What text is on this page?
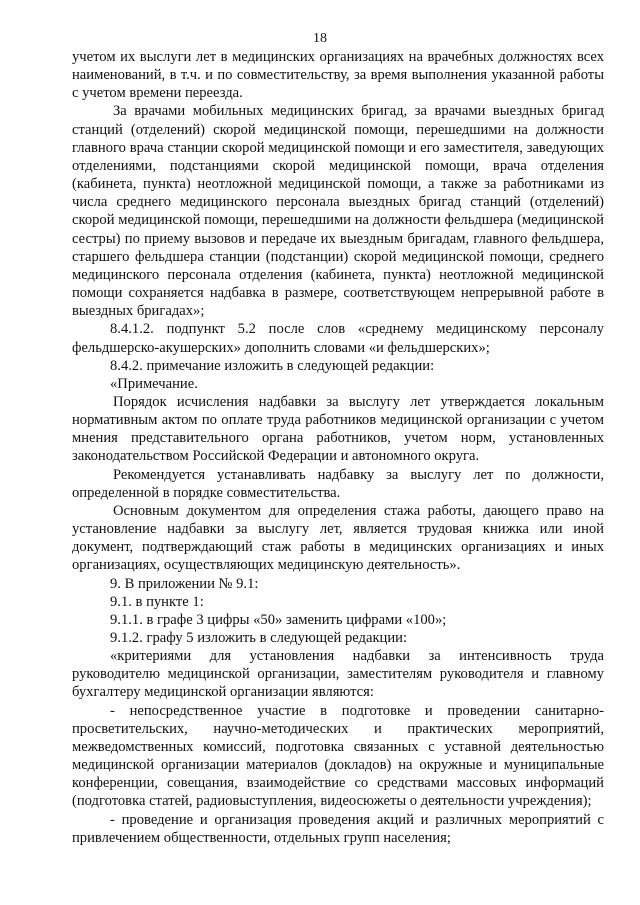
18

учетом их выслуги лет в медицинских организациях на врачебных должностях всех наименований, в т.ч. и по совместительству, за время выполнения указанной работы с учетом времени переезда.

За врачами мобильных медицинских бригад, за врачами выездных бригад станций (отделений) скорой медицинской помощи, перешедшими на должности главного врача станции скорой медицинской помощи и его заместителя, заведующих отделениями, подстанциями скорой медицинской помощи, врача отделения (кабинета, пункта) неотложной медицинской помощи, а также за работниками из числа среднего медицинского персонала выездных бригад станций (отделений) скорой медицинской помощи, перешедшими на должности фельдшера (медицинской сестры) по приему вызовов и передаче их выездным бригадам, главного фельдшера, старшего фельдшера станции (подстанции) скорой медицинской помощи, среднего медицинского персонала отделения (кабинета, пункта) неотложной медицинской помощи сохраняется надбавка в размере, соответствующем непрерывной работе в выездных бригадах»;

8.4.1.2. подпункт 5.2 после слов «среднему медицинскому персоналу фельдшерско-акушерских» дополнить словами «и фельдшерских»;

8.4.2. примечание изложить в следующей редакции:

«Примечание.

Порядок исчисления надбавки за выслугу лет утверждается локальным нормативным актом по оплате труда работников медицинской организации с учетом мнения представительного органа работников, учетом норм, установленных законодательством Российской Федерации и автономного округа.

Рекомендуется устанавливать надбавку за выслугу лет по должности, определенной в порядке совместительства.

Основным документом для определения стажа работы, дающего право на установление надбавки за выслугу лет, является трудовая книжка или иной документ, подтверждающий стаж работы в медицинских организациях и иных организациях, осуществляющих медицинскую деятельность».

9. В приложении № 9.1:

9.1. в пункте 1:

9.1.1. в графе 3 цифры «50» заменить цифрами «100»;

9.1.2. графу 5 изложить в следующей редакции:

«критериями для установления надбавки за интенсивность труда руководителю медицинской организации, заместителям руководителя и главному бухгалтеру медицинской организации являются:

- непосредственное участие в подготовке и проведении санитарно-просветительских, научно-методических и практических мероприятий, межведомственных комиссий, подготовка связанных с уставной деятельностью медицинской организации материалов (докладов) на окружные и муниципальные конференции, совещания, взаимодействие со средствами массовых информаций (подготовка статей, радиовыступления, видеосюжеты о деятельности учреждения);

- проведение и организация проведения акций и различных мероприятий с привлечением общественности, отдельных групп населения;
